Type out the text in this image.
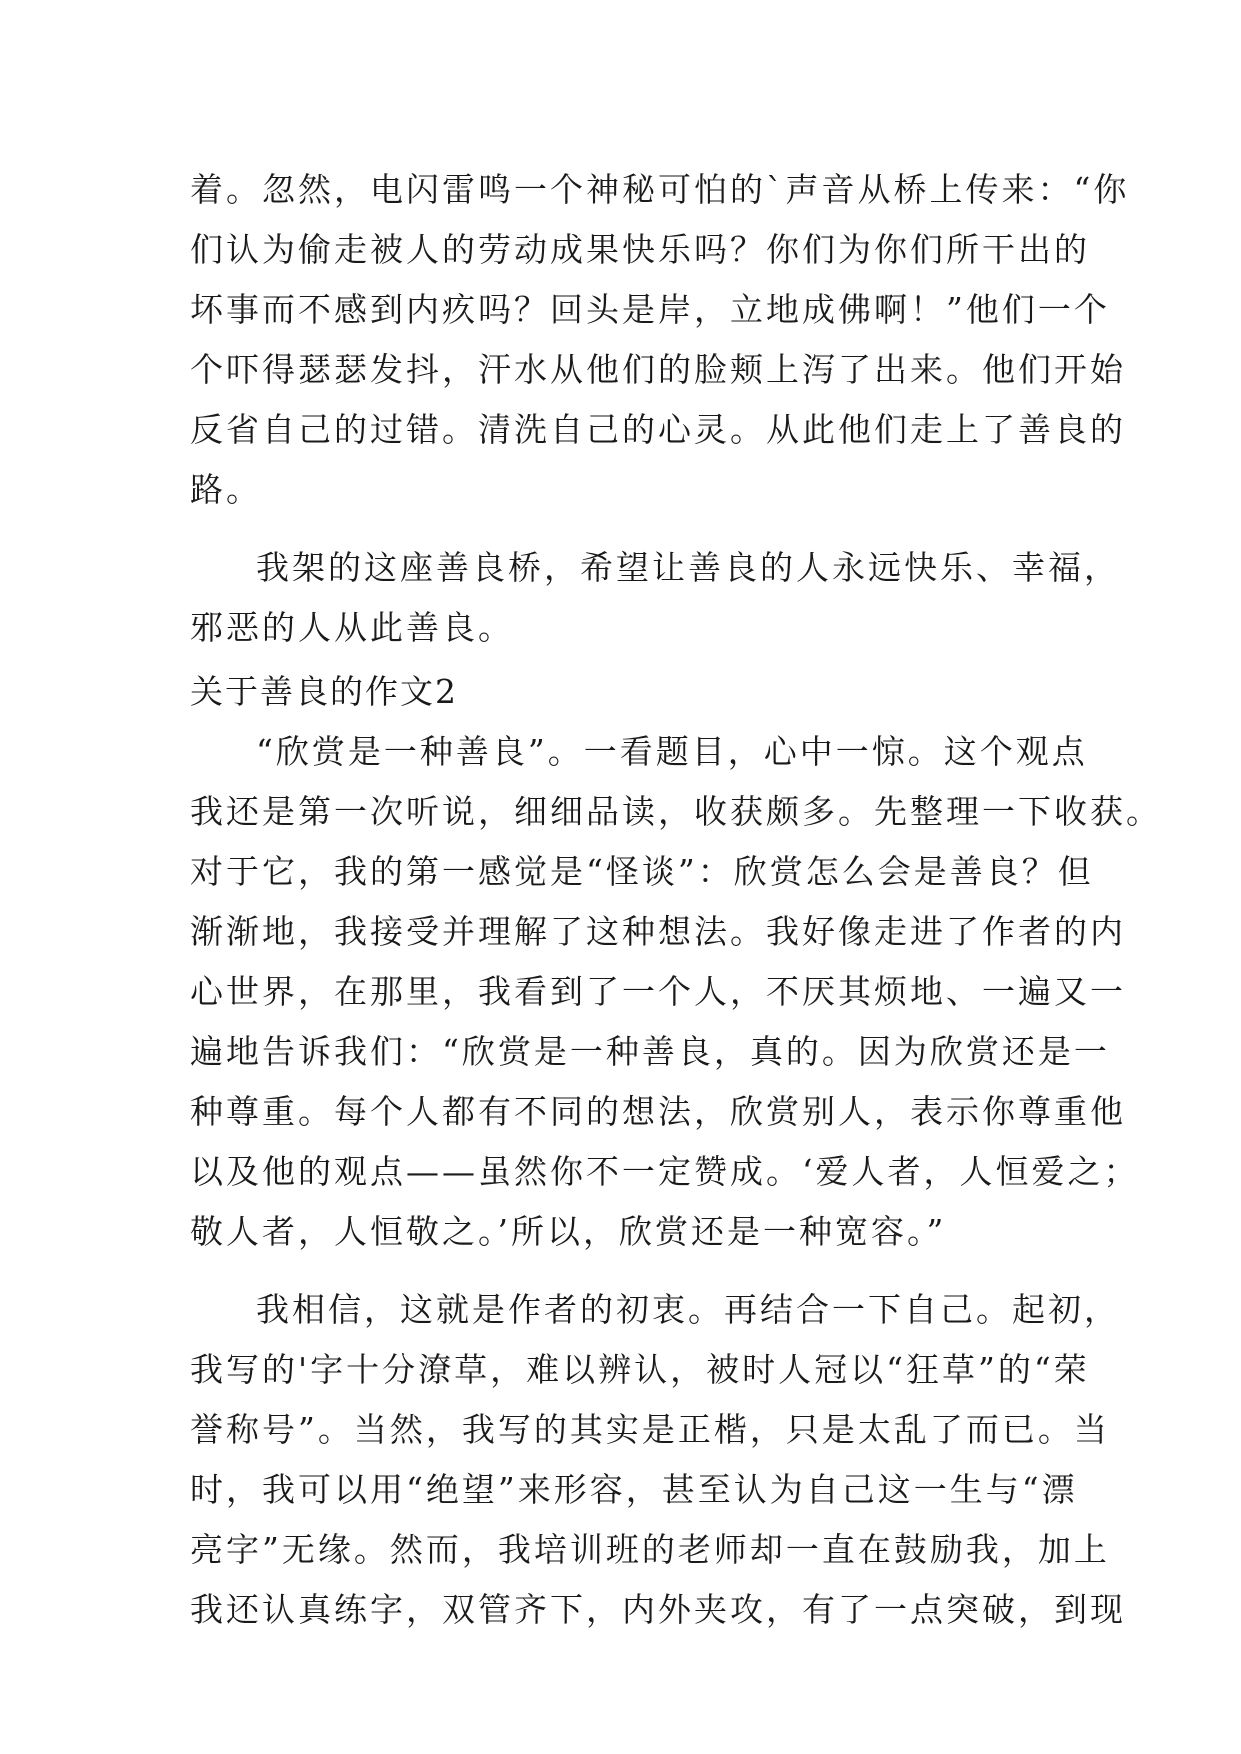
着。忽然，电闪雷鸣一个神秘可怕的`声音从桥上传来：“你
们认为偷走被人的劳动成果快乐吗？你们为你们所干出的
坏事而不感到内疚吗？回头是岸，立地成佛啊！”他们一个
个吓得瑟瑟发抖，汗水从他们的脸颊上泻了出来。他们开始
反省自己的过错。清洗自己的心灵。从此他们走上了善良的
路。
我架的这座善良桥，希望让善良的人永远快乐、幸福，
邪恶的人从此善良。
关于善良的作文2
“欣赏是一种善良”。一看题目，心中一惊。这个观点
我还是第一次听说，细细品读，收获颇多。先整理一下收获。
对于它，我的第一感觉是“怪谈”：欣赏怎么会是善良？但
渐渐地，我接受并理解了这种想法。我好像走进了作者的内
心世界，在那里，我看到了一个人，不厌其烦地、一遍又一
遍地告诉我们：“欣赏是一种善良，真的。因为欣赏还是一
种尊重。每个人都有不同的想法，欣赏别人，表示你尊重他
以及他的观点——虽然你不一定赞成。‘爱人者，人恒爱之；
敬人者，人恒敬之。’所以，欣赏还是一种宽容。”
我相信，这就是作者的初衷。再结合一下自己。起初，
我写的'字十分潦草，难以辨认，被时人冠以“狂草”的“荣
誉称号”。当然，我写的其实是正楷，只是太乱了而已。当
时，我可以用“绝望”来形容，甚至认为自己这一生与“漂
亮字”无缘。然而，我培训班的老师却一直在鼓励我，加上
我还认真练字，双管齐下，内外夹攻，有了一点突破，到现
